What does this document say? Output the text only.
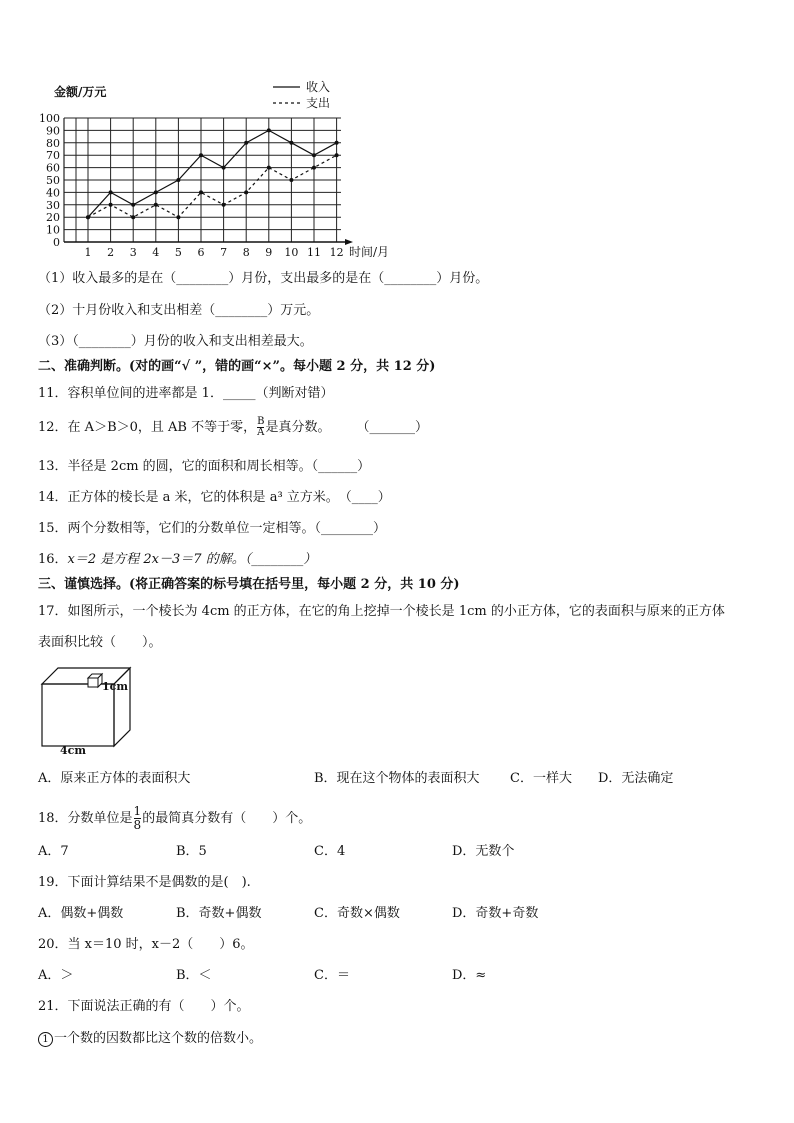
0
10
20
30
40
50
60
70
80
90
100
1 2 3 4 5 6 7 8 9 10 11 12
金额/万元
时间/月
收入
支出
（1）收入最多的是在（________）月份，支出最多的是在（________）月份。
（2）十月份收入和支出相差（________）万元。
（3）（________）月份的收入和支出相差最大。
二、准确判断。(对的画“√ ”，错的画“×”。每小题 2 分，共 12 分)
11．容积单位间的进率都是 1．_____（判断对错）
12．在 A＞B＞0，且 AB 不等于零， $\frac{B}{A}$ 是真分数。　　　（_______）
13．半径是 2cm 的圆，它的面积和周长相等。（______）
14．正方体的棱长是 a 米，它的体积是 a³ 立方米。　（____）
15．两个分数相等，它们的分数单位一定相等。（________）
16．x＝2 是方程 2x－3＝7 的解。（________）
三、谨慎选择。(将正确答案的标号填在括号里，每小题 2 分，共 10 分)
17．如图所示，一个棱长为 4cm 的正方体，在它的角上挖掉一个棱长是 1cm 的小正方体，它的表面积与原来的正方体
表面积比较（　　）。
1cm
4cm
A．原来正方体的表面积大	B．现在这个物体的表面积大 C．一样大 D．无法确定
18．分数单位是 $\frac{1}{8}$ 的最简真分数有（　　）个。
A．7	B．5	C．4	D．无数个
19．下面计算结果不是偶数的是(　).
A．偶数+偶数	B．奇数+偶数	C．奇数×偶数	D．奇数+奇数
20．当 x＝10 时，x－2（　　）6。
A．＞	B．＜	C．＝	D．≈
21．下面说法正确的有（　　）个。
1 一个数的因数都比这个数的倍数小。
